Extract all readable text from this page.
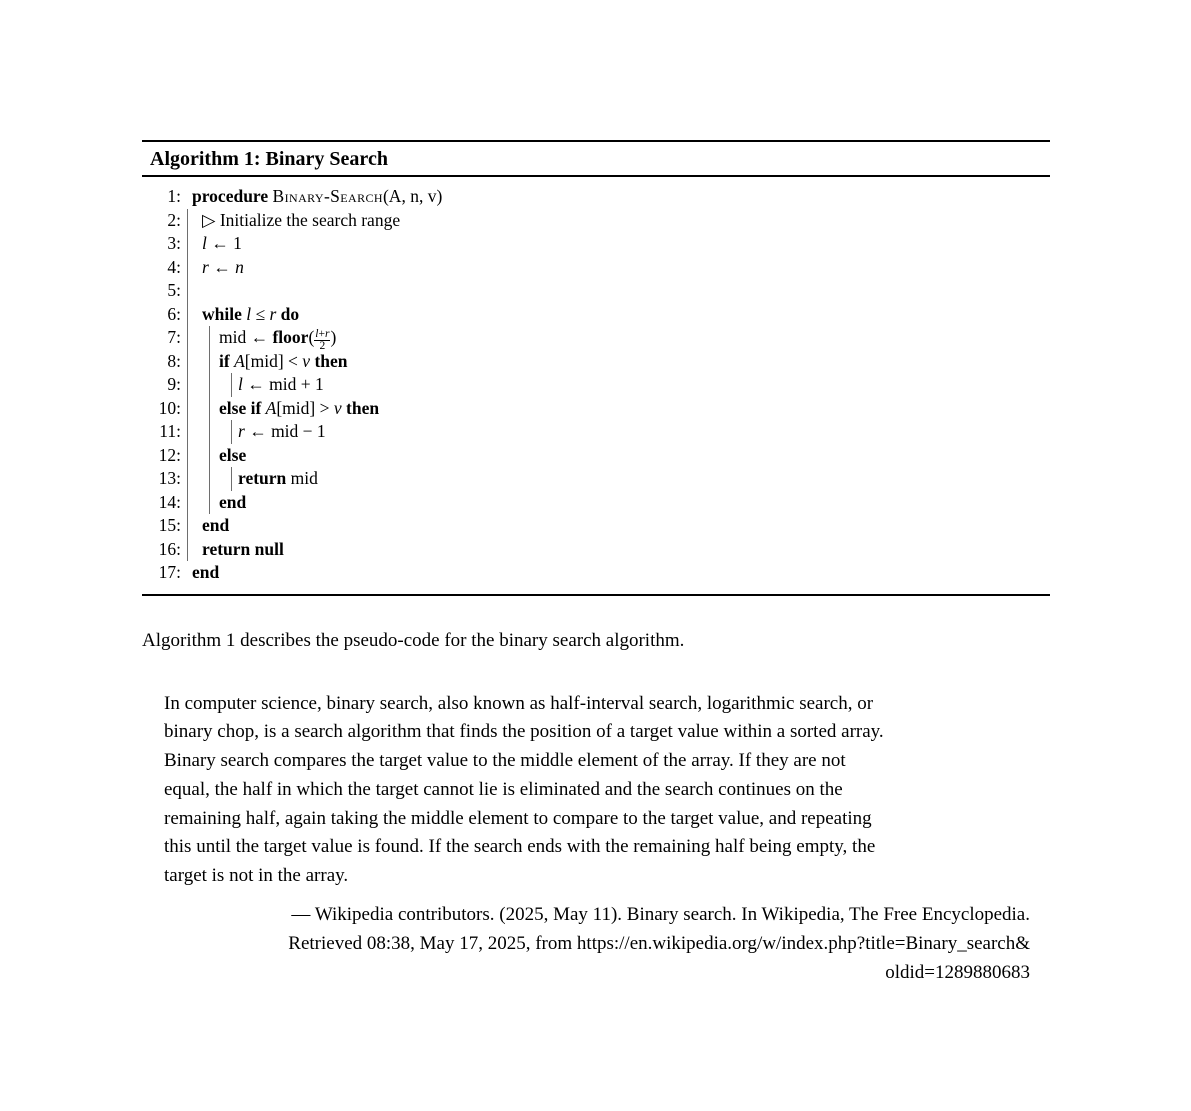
Algorithm 1: Binary Search
1: procedure Binary-Search(A, n, v)
2:	▷ Initialize the search range
3:	l ← 1
4:	r ← n
5:
6:	while l ≤ r do
7:	mid ← floor( $\frac{l+r}{2}$ )
8:	if A[mid] < v then
9:	l ← mid + 1
10:	else if A[mid] > v then
11:	r ← mid − 1
12:	else
13:	return mid
14:	end
15:	end
16:	return null
17: end
Algorithm 1 describes the pseudo-code for the binary search algorithm.
In computer science, binary search, also known as half-interval search, logarithmic search, or
binary chop, is a search algorithm that finds the position of a target value within a sorted array.
Binary search compares the target value to the middle element of the array. If they are not
equal, the half in which the target cannot lie is eliminated and the search continues on the
remaining half, again taking the middle element to compare to the target value, and repeating
this until the target value is found. If the search ends with the remaining half being empty, the
target is not in the array.
— Wikipedia contributors. (2025, May 11). Binary search. In Wikipedia, The Free Encyclopedia.
Retrieved 08:38, May 17, 2025, from https://en.wikipedia.org/w/index.php?title=Binary_search&
oldid=1289880683
